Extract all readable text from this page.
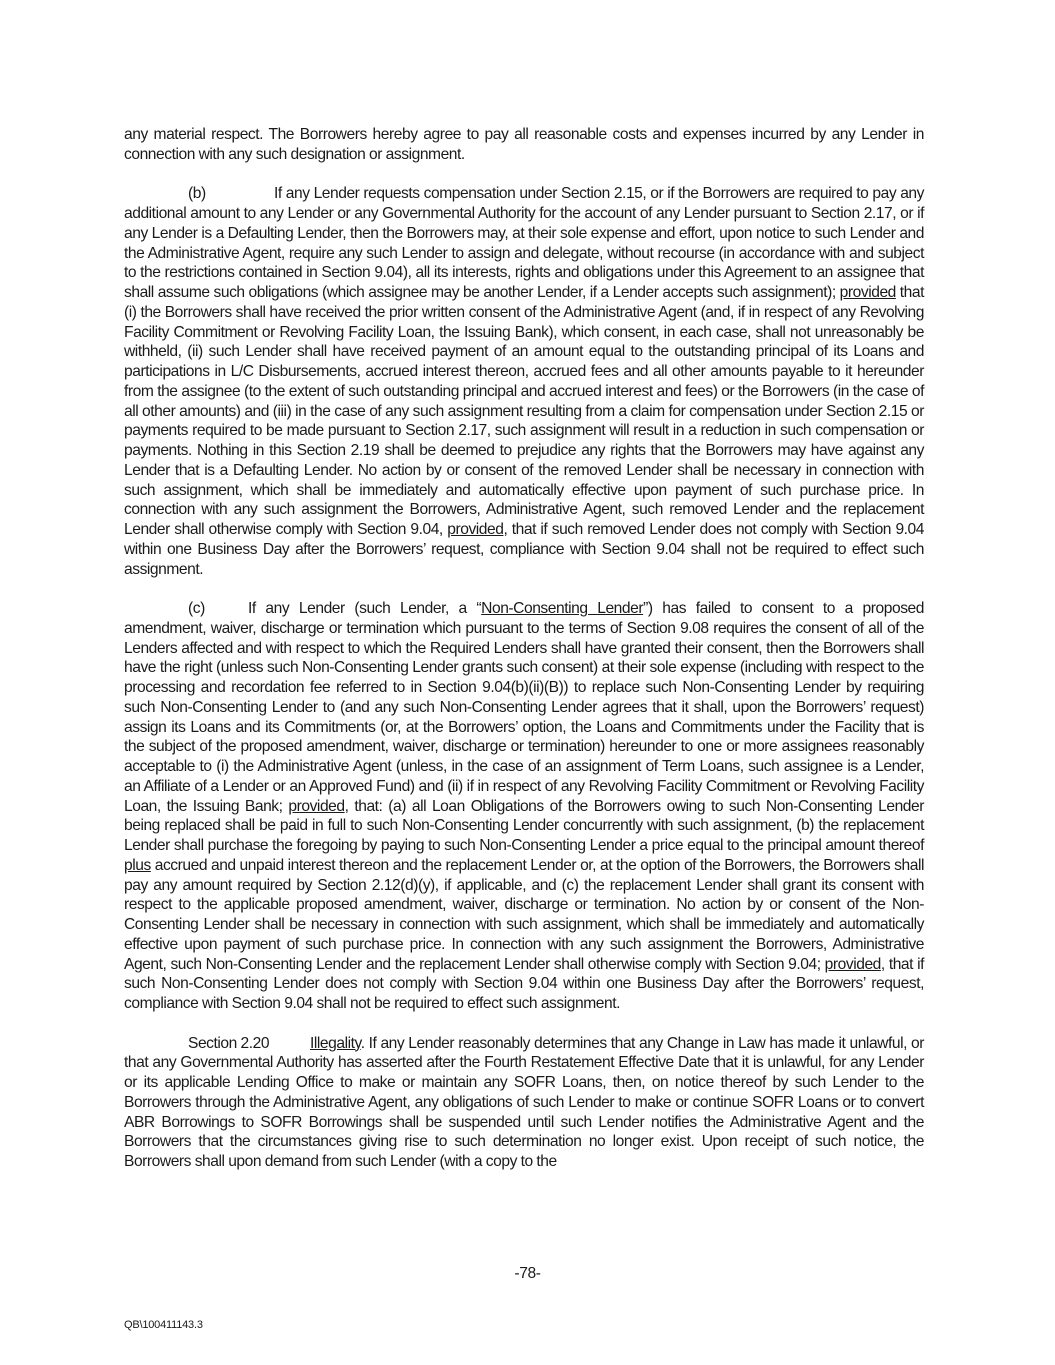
any material respect. The Borrowers hereby agree to pay all reasonable costs and expenses incurred by any Lender in connection with any such designation or assignment.

(b)	If any Lender requests compensation under Section 2.15, or if the Borrowers are required to pay any additional amount to any Lender or any Governmental Authority for the account of any Lender pursuant to Section 2.17, or if any Lender is a Defaulting Lender, then the Borrowers may, at their sole expense and effort, upon notice to such Lender and the Administrative Agent, require any such Lender to assign and delegate, without recourse (in accordance with and subject to the restrictions contained in Section 9.04), all its interests, rights and obligations under this Agreement to an assignee that shall assume such obligations (which assignee may be another Lender, if a Lender accepts such assignment); provided that (i) the Borrowers shall have received the prior written consent of the Administrative Agent (and, if in respect of any Revolving Facility Commitment or Revolving Facility Loan, the Issuing Bank), which consent, in each case, shall not unreasonably be withheld, (ii) such Lender shall have received payment of an amount equal to the outstanding principal of its Loans and participations in L/C Disbursements, accrued interest thereon, accrued fees and all other amounts payable to it hereunder from the assignee (to the extent of such outstanding principal and accrued interest and fees) or the Borrowers (in the case of all other amounts) and (iii) in the case of any such assignment resulting from a claim for compensation under Section 2.15 or payments required to be made pursuant to Section 2.17, such assignment will result in a reduction in such compensation or payments. Nothing in this Section 2.19 shall be deemed to prejudice any rights that the Borrowers may have against any Lender that is a Defaulting Lender. No action by or consent of the removed Lender shall be necessary in connection with such assignment, which shall be immediately and automatically effective upon payment of such purchase price. In connection with any such assignment the Borrowers, Administrative Agent, such removed Lender and the replacement Lender shall otherwise comply with Section 9.04, provided, that if such removed Lender does not comply with Section 9.04 within one Business Day after the Borrowers’ request, compliance with Section 9.04 shall not be required to effect such assignment.

(c)	If any Lender (such Lender, a “Non-Consenting Lender”) has failed to consent to a proposed amendment, waiver, discharge or termination which pursuant to the terms of Section 9.08 requires the consent of all of the Lenders affected and with respect to which the Required Lenders shall have granted their consent, then the Borrowers shall have the right (unless such Non-Consenting Lender grants such consent) at their sole expense (including with respect to the processing and recordation fee referred to in Section 9.04(b)(ii)(B)) to replace such Non-Consenting Lender by requiring such Non-Consenting Lender to (and any such Non-Consenting Lender agrees that it shall, upon the Borrowers’ request) assign its Loans and its Commitments (or, at the Borrowers’ option, the Loans and Commitments under the Facility that is the subject of the proposed amendment, waiver, discharge or termination) hereunder to one or more assignees reasonably acceptable to (i) the Administrative Agent (unless, in the case of an assignment of Term Loans, such assignee is a Lender, an Affiliate of a Lender or an Approved Fund) and (ii) if in respect of any Revolving Facility Commitment or Revolving Facility Loan, the Issuing Bank; provided, that: (a) all Loan Obligations of the Borrowers owing to such Non-Consenting Lender being replaced shall be paid in full to such Non-Consenting Lender concurrently with such assignment, (b) the replacement Lender shall purchase the foregoing by paying to such Non-Consenting Lender a price equal to the principal amount thereof plus accrued and unpaid interest thereon and the replacement Lender or, at the option of the Borrowers, the Borrowers shall pay any amount required by Section 2.12(d)(y), if applicable, and (c) the replacement Lender shall grant its consent with respect to the applicable proposed amendment, waiver, discharge or termination. No action by or consent of the Non-Consenting Lender shall be necessary in connection with such assignment, which shall be immediately and automatically effective upon payment of such purchase price. In connection with any such assignment the Borrowers, Administrative Agent, such Non-Consenting Lender and the replacement Lender shall otherwise comply with Section 9.04; provided, that if such Non-Consenting Lender does not comply with Section 9.04 within one Business Day after the Borrowers’ request, compliance with Section 9.04 shall not be required to effect such assignment.

Section 2.20	Illegality. If any Lender reasonably determines that any Change in Law has made it unlawful, or that any Governmental Authority has asserted after the Fourth Restatement Effective Date that it is unlawful, for any Lender or its applicable Lending Office to make or maintain any SOFR Loans, then, on notice thereof by such Lender to the Borrowers through the Administrative Agent, any obligations of such Lender to make or continue SOFR Loans or to convert ABR Borrowings to SOFR Borrowings shall be suspended until such Lender notifies the Administrative Agent and the Borrowers that the circumstances giving rise to such determination no longer exist. Upon receipt of such notice, the Borrowers shall upon demand from such Lender (with a copy to the

-78-
QB\100411143.3
